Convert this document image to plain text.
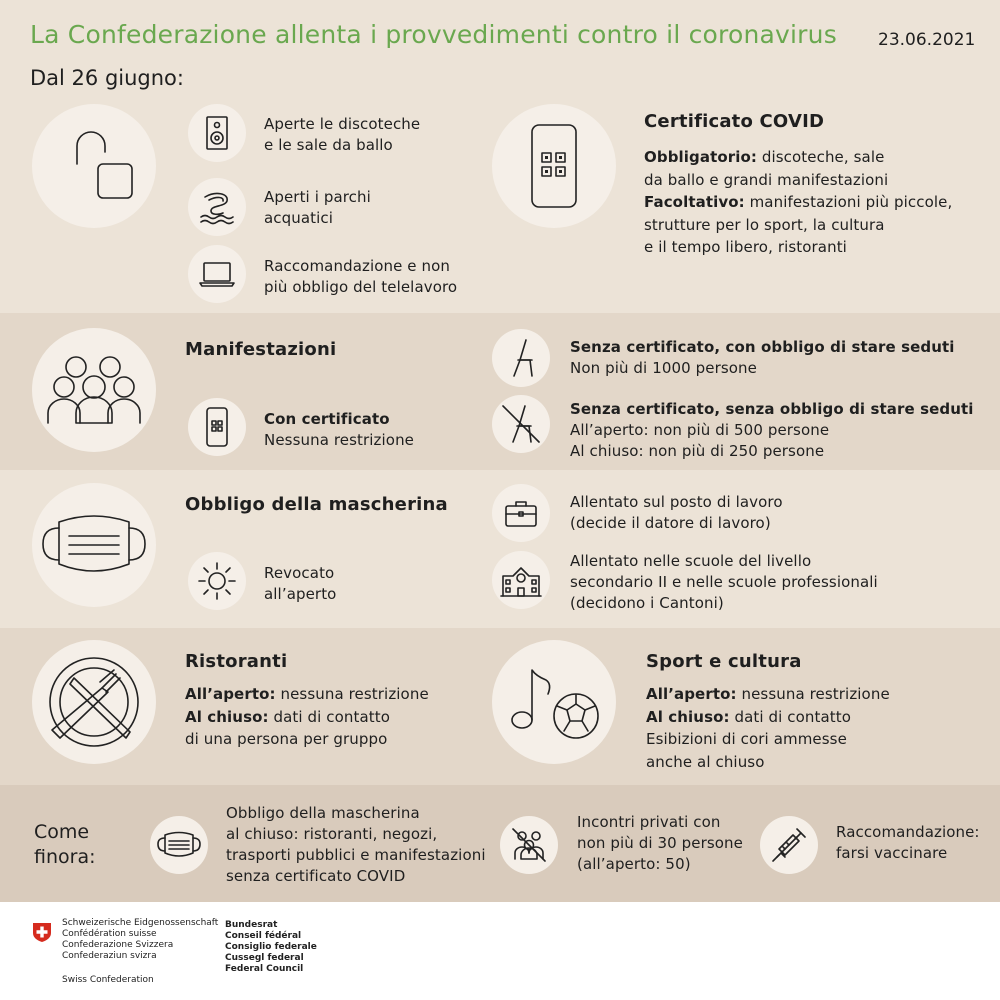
La Confederazione allenta i provvedimenti contro il coronavirus 23.06.2021
Dal 26 giugno:
Aperte le discoteche
e le sale da ballo
Aperti i parchi
acquatici
Raccomandazione e non
più obbligo del telelavoro
Certificato COVID
Obbligatorio: discoteche, sale
da ballo e grandi manifestazioni
Facoltativo: manifestazioni più piccole,
strutture per lo sport, la cultura
e il tempo libero, ristoranti
Manifestazioni
Con certificato
Nessuna restrizione
Senza certificato, con obbligo di stare seduti
Non più di 1000 persone
Senza certificato, senza obbligo di stare seduti
All’aperto: non più di 500 persone
Al chiuso: non più di 250 persone
Obbligo della mascherina
Revocato
all’aperto
Allentato sul posto di lavoro
(decide il datore di lavoro)
Allentato nelle scuole del livello
secondario II e nelle scuole professionali
(decidono i Cantoni)
Ristoranti
All’aperto: nessuna restrizione
Al chiuso: dati di contatto
di una persona per gruppo
Sport e cultura
All’aperto: nessuna restrizione
Al chiuso: dati di contatto
Esibizioni di cori ammesse
anche al chiuso
Come
finora:
Obbligo della mascherina
al chiuso: ristoranti, negozi,
trasporti pubblici e manifestazioni
senza certificato COVID
Incontri privati con
non più di 30 persone
(all’aperto: 50)
Raccomandazione:
farsi vaccinare
Schweizerische Eidgenossenschaft
Confédération suisse
Confederazione Svizzera
Confederaziun svizra
Swiss Confederation
Bundesrat
Conseil fédéral
Consiglio federale
Cussegl federal
Federal Council
